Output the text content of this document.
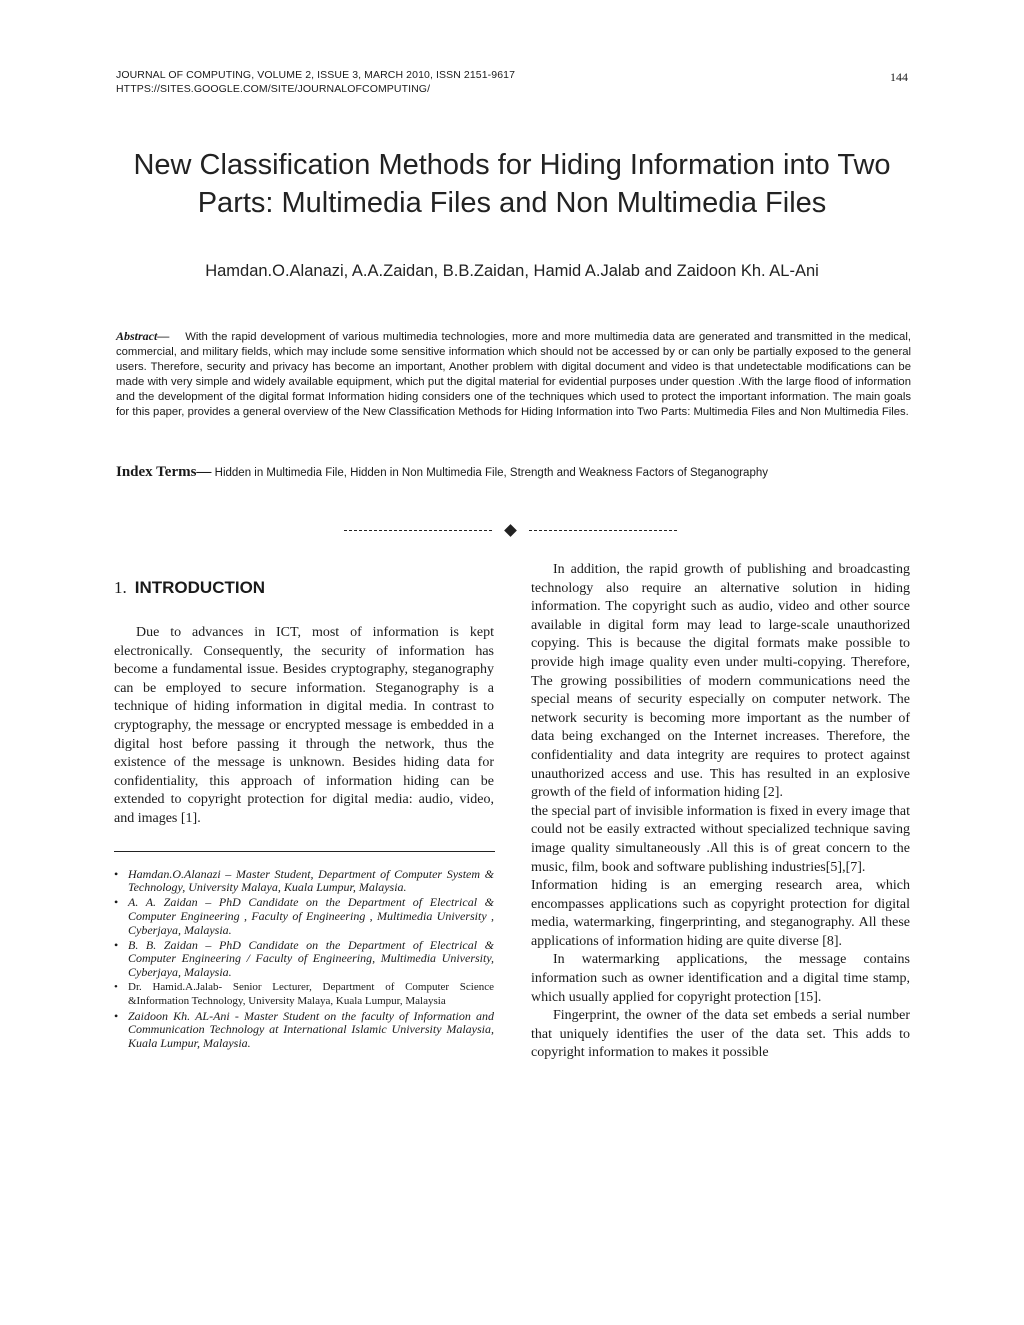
JOURNAL OF COMPUTING, VOLUME 2, ISSUE 3, MARCH 2010, ISSN 2151-9617
HTTPS://SITES.GOOGLE.COM/SITE/JOURNALOFCOMPUTING/
144
New Classification Methods for Hiding Information into Two
Parts: Multimedia Files and Non Multimedia Files
Hamdan.O.Alanazi, A.A.Zaidan, B.B.Zaidan, Hamid A.Jalab and Zaidoon Kh. AL-Ani
Abstract— With the rapid development of various multimedia technologies, more and more multimedia data are generated and transmitted in the medical, commercial, and military fields, which may include some sensitive information which should not be accessed by or can only be partially exposed to the general users. Therefore, security and privacy has become an important, Another problem with digital document and video is that undetectable modifications can be made with very simple and widely available equipment, which put the digital material for evidential purposes under question .With the large flood of information and the development of the digital format Information hiding considers one of the techniques which used to protect the important information. The main goals for this paper, provides a general overview of the New Classification Methods for Hiding Information into Two Parts: Multimedia Files and Non Multimedia Files.
Index Terms— Hidden in Multimedia File, Hidden in Non Multimedia File, Strength and Weakness Factors of Steganography
1. INTRODUCTION

Due to advances in ICT, most of information is kept electronically. Consequently, the security of information has become a fundamental issue. Besides cryptography, steganography can be employed to secure information. Steganography is a technique of hiding information in digital media. In contrast to cryptography, the message or encrypted message is embedded in a digital host before passing it through the network, thus the existence of the message is unknown. Besides hiding data for confidentiality, this approach of information hiding can be extended to copyright protection for digital media: audio, video, and images [1].

• Hamdan.O.Alanazi – Master Student, Department of Computer System & Technology, University Malaya, Kuala Lumpur, Malaysia.
• A. A. Zaidan – PhD Candidate on the Department of Electrical & Computer Engineering , Faculty of Engineering , Multimedia University , Cyberjaya, Malaysia.
• B. B. Zaidan – PhD Candidate on the Department of Electrical & Computer Engineering / Faculty of Engineering, Multimedia University, Cyberjaya, Malaysia.
• Dr. Hamid.A.Jalab- Senior Lecturer, Department of Computer Science &Information Technology, University Malaya, Kuala Lumpur, Malaysia
• Zaidoon Kh. AL-Ani - Master Student on the faculty of Information and Communication Technology at International Islamic University Malaysia, Kuala Lumpur, Malaysia.

In addition, the rapid growth of publishing and broadcasting technology also require an alternative solution in hiding information. The copyright such as audio, video and other source available in digital form may lead to large-scale unauthorized copying. This is because the digital formats make possible to provide high image quality even under multi-copying. Therefore, The growing possibilities of modern communications need the special means of security especially on computer network. The network security is becoming more important as the number of data being exchanged on the Internet increases. Therefore, the confidentiality and data integrity are requires to protect against unauthorized access and use. This has resulted in an explosive growth of the field of information hiding [2].

the special part of invisible information is fixed in every image that could not be easily extracted without specialized technique saving image quality simultaneously .All this is of great concern to the music, film, book and software publishing industries[5],[7].

Information hiding is an emerging research area, which encompasses applications such as copyright protection for digital media, watermarking, fingerprinting, and steganography. All these applications of information hiding are quite diverse [8].

In watermarking applications, the message contains information such as owner identification and a digital time stamp, which usually applied for copyright protection [15].

Fingerprint, the owner of the data set embeds a serial number that uniquely identifies the user of the data set. This adds to copyright information to makes it possible
